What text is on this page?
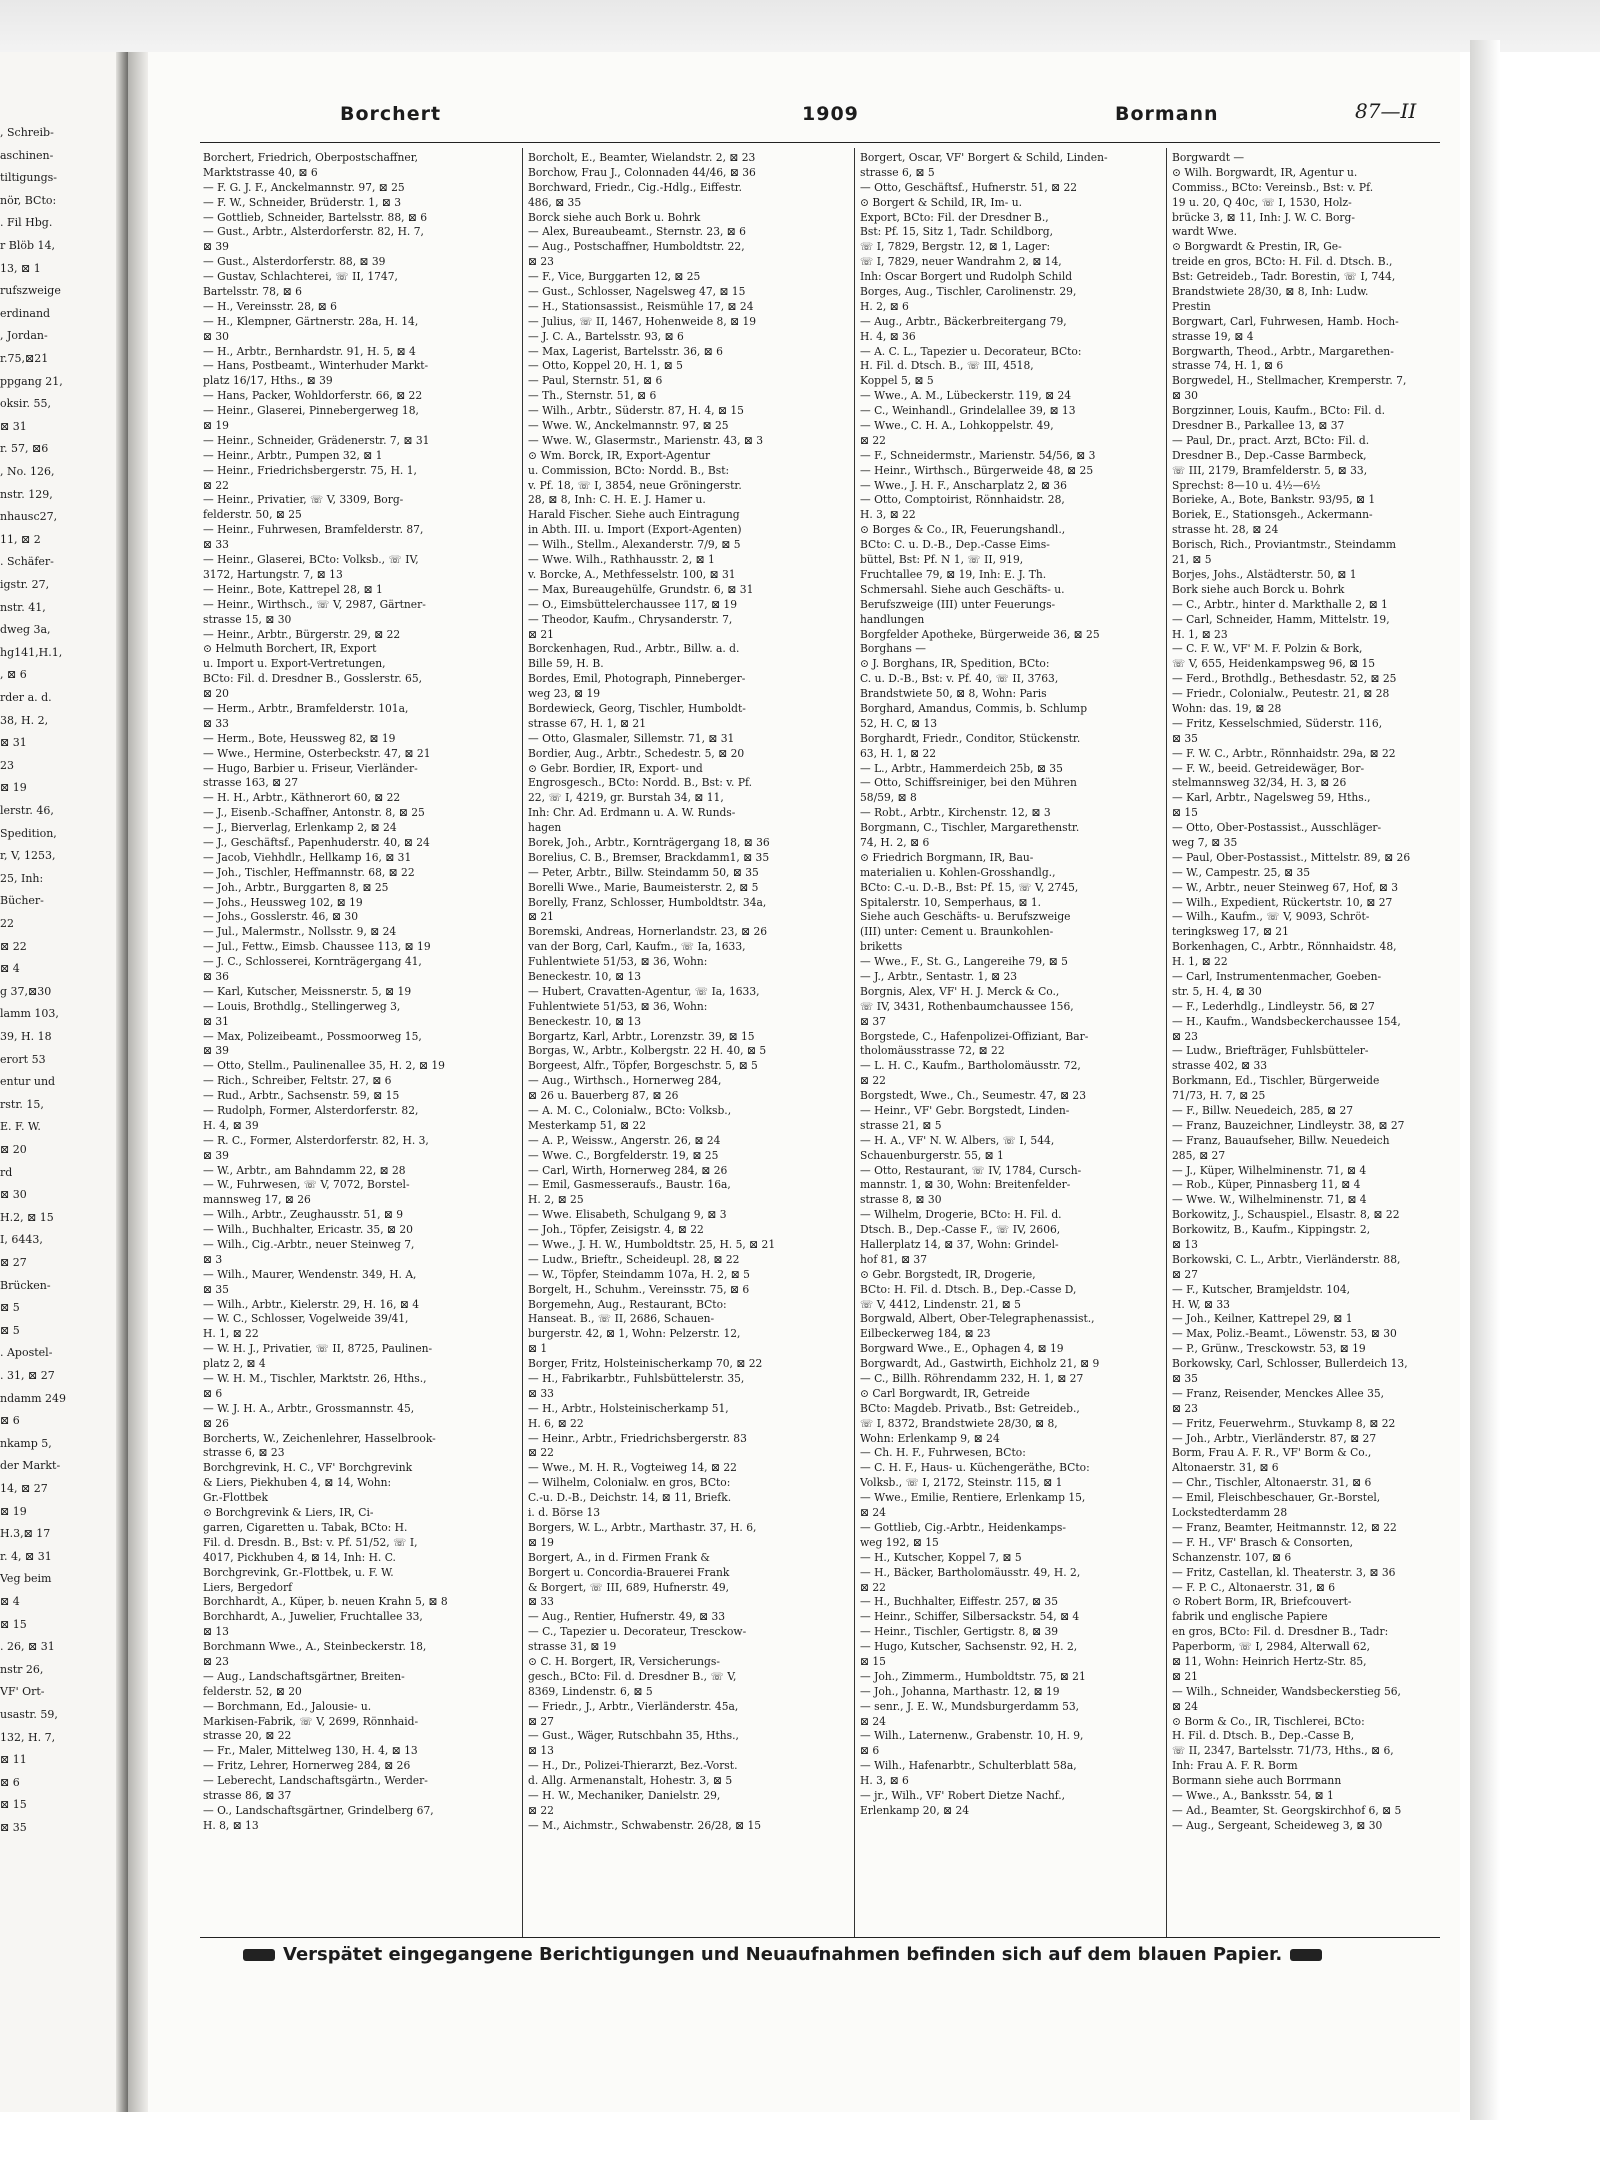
, Schreib-
aschinen-
tiltigungs-
nör, BCto:
. Fil Hbg.
r Blöb 14,
13, ⊠ 1
rufszweige
erdinand
, Jordan-
r.75,⊠21
ppgang 21,
oksir. 55,
⊠ 31
r. 57, ⊠6
, No. 126,
nstr. 129,
nhausc27,
11, ⊠ 2
. Schäfer-
igstr. 27,
nstr. 41,
dweg 3a,
hg141,H.1,
, ⊠ 6
rder a. d.
38, H. 2,
⊠ 31
23
⊠ 19
lerstr. 46,
Spedition,
r, V, 1253,
25, Inh:
Bücher-
22
⊠ 22
⊠ 4
g 37,⊠30
lamm 103,
39, H. 18
erort 53
entur und
rstr. 15,
E. F. W.
⊠ 20
rd
⊠ 30
H.2, ⊠ 15
I, 6443,
⊠ 27
Brücken-
⊠ 5
⊠ 5
. Apostel-
. 31, ⊠ 27
ndamm 249
⊠ 6
nkamp 5,
der Markt-
14, ⊠ 27
⊠ 19
H.3,⊠ 17
r. 4, ⊠ 31
Veg beim
⊠ 4
⊠ 15
. 26, ⊠ 31
nstr 26,
VF' Ort-
usastr. 59,
132, H. 7,
⊠ 11
⊠ 6
⊠ 15
⊠ 35
Borchert	1909	Bormann	87—II

Borchert, Friedrich, Oberpostschaffner,

Marktstrasse 40, ⊠ 6

— F. G. J. F., Anckelmannstr. 97, ⊠ 25

— F. W., Schneider, Brüderstr. 1, ⊠ 3

— Gottlieb, Schneider, Bartelsstr. 88, ⊠ 6

— Gust., Arbtr., Alsterdorferstr. 82, H. 7,

⊠ 39

— Gust., Alsterdorferstr. 88, ⊠ 39

— Gustav, Schlachterei, ☏ II, 1747,

Bartelsstr. 78, ⊠ 6

— H., Vereinsstr. 28, ⊠ 6

— H., Klempner, Gärtnerstr. 28a, H. 14,

⊠ 30

— H., Arbtr., Bernhardstr. 91, H. 5, ⊠ 4

— Hans, Postbeamt., Winterhuder Markt-

platz 16/17, Hths., ⊠ 39

— Hans, Packer, Wohldorferstr. 66, ⊠ 22

— Heinr., Glaserei, Pinnebergerweg 18,

⊠ 19

— Heinr., Schneider, Grädenerstr. 7, ⊠ 31

— Heinr., Arbtr., Pumpen 32, ⊠ 1

— Heinr., Friedrichsbergerstr. 75, H. 1,

⊠ 22

— Heinr., Privatier, ☏ V, 3309, Borg-

felderstr. 50, ⊠ 25

— Heinr., Fuhrwesen, Bramfelderstr. 87,

⊠ 33

— Heinr., Glaserei, BCto: Volksb., ☏ IV,

3172, Hartungstr. 7, ⊠ 13

— Heinr., Bote, Kattrepel 28, ⊠ 1

— Heinr., Wirthsch., ☏ V, 2987, Gärtner-

strasse 15, ⊠ 30

— Heinr., Arbtr., Bürgerstr. 29, ⊠ 22

⊙ Helmuth Borchert, IR, Export

u. Import u. Export-Vertretungen,

BCto: Fil. d. Dresdner B., Gosslerstr. 65,

⊠ 20

— Herm., Arbtr., Bramfelderstr. 101a,

⊠ 33

— Herm., Bote, Heussweg 82, ⊠ 19

— Wwe., Hermine, Osterbeckstr. 47, ⊠ 21

— Hugo, Barbier u. Friseur, Vierländer-

strasse 163, ⊠ 27

— H. H., Arbtr., Käthnerort 60, ⊠ 22

— J., Eisenb.-Schaffner, Antonstr. 8, ⊠ 25

— J., Bierverlag, Erlenkamp 2, ⊠ 24

— J., Geschäftsf., Papenhuderstr. 40, ⊠ 24

— Jacob, Viehhdlr., Hellkamp 16, ⊠ 31

— Joh., Tischler, Heffmannstr. 68, ⊠ 22

— Joh., Arbtr., Burggarten 8, ⊠ 25

— Johs., Heussweg 102, ⊠ 19

— Johs., Gosslerstr. 46, ⊠ 30

— Jul., Malermstr., Nollsstr. 9, ⊠ 24

— Jul., Fettw., Eimsb. Chaussee 113, ⊠ 19

— J. C., Schlosserei, Kornträgergang 41,

⊠ 36

— Karl, Kutscher, Meissnerstr. 5, ⊠ 19

— Louis, Brothdlg., Stellingerweg 3,

⊠ 31

— Max, Polizeibeamt., Possmoorweg 15,

⊠ 39

— Otto, Stellm., Paulinenallee 35, H. 2, ⊠ 19

— Rich., Schreiber, Feltstr. 27, ⊠ 6

— Rud., Arbtr., Sachsenstr. 59, ⊠ 15

— Rudolph, Former, Alsterdorferstr. 82,

H. 4, ⊠ 39

— R. C., Former, Alsterdorferstr. 82, H. 3,

⊠ 39

— W., Arbtr., am Bahndamm 22, ⊠ 28

— W., Fuhrwesen, ☏ V, 7072, Borstel-

mannsweg 17, ⊠ 26

— Wilh., Arbtr., Zeughausstr. 51, ⊠ 9

— Wilh., Buchhalter, Ericastr. 35, ⊠ 20

— Wilh., Cig.-Arbtr., neuer Steinweg 7,

⊠ 3

— Wilh., Maurer, Wendenstr. 349, H. A,

⊠ 35

— Wilh., Arbtr., Kielerstr. 29, H. 16, ⊠ 4

— W. C., Schlosser, Vogelweide 39/41,

H. 1, ⊠ 22

— W. H. J., Privatier, ☏ II, 8725, Paulinen-

platz 2, ⊠ 4

— W. H. M., Tischler, Marktstr. 26, Hths.,

⊠ 6

— W. J. H. A., Arbtr., Grossmannstr. 45,

⊠ 26

Borcherts, W., Zeichenlehrer, Hasselbrook-

strasse 6, ⊠ 23

Borchgrevink, H. C., VF' Borchgrevink

& Liers, Piekhuben 4, ⊠ 14, Wohn:

Gr.-Flottbek

⊙ Borchgrevink & Liers, IR, Ci-

garren, Cigaretten u. Tabak, BCto: H.

Fil. d. Dresdn. B., Bst: v. Pf. 51/52, ☏ I,

4017, Pickhuben 4, ⊠ 14, Inh: H. C.

Borchgrevink, Gr.-Flottbek, u. F. W.

Liers, Bergedorf

Borchhardt, A., Küper, b. neuen Krahn 5, ⊠ 8

Borchhardt, A., Juwelier, Fruchtallee 33,

⊠ 13

Borchmann Wwe., A., Steinbeckerstr. 18,

⊠ 23

— Aug., Landschaftsgärtner, Breiten-

felderstr. 52, ⊠ 20

— Borchmann, Ed., Jalousie- u.

Markisen-Fabrik, ☏ V, 2699, Rönnhaid-

strasse 20, ⊠ 22

— Fr., Maler, Mittelweg 130, H. 4, ⊠ 13

— Fritz, Lehrer, Hornerweg 284, ⊠ 26

— Leberecht, Landschaftsgärtn., Werder-

strasse 86, ⊠ 37

— O., Landschaftsgärtner, Grindelberg 67,

H. 8, ⊠ 13

Borcholt, E., Beamter, Wielandstr. 2, ⊠ 23

Borchow, Frau J., Colonnaden 44/46, ⊠ 36

Borchward, Friedr., Cig.-Hdlg., Eiffestr.

486, ⊠ 35

Borck siehe auch Bork u. Bohrk

— Alex, Bureaubeamt., Sternstr. 23, ⊠ 6

— Aug., Postschaffner, Humboldtstr. 22,

⊠ 23

— F., Vice, Burggarten 12, ⊠ 25

— Gust., Schlosser, Nagelsweg 47, ⊠ 15

— H., Stationsassist., Reismühle 17, ⊠ 24

— Julius, ☏ II, 1467, Hohenweide 8, ⊠ 19

— J. C. A., Bartelsstr. 93, ⊠ 6

— Max, Lagerist, Bartelsstr. 36, ⊠ 6

— Otto, Koppel 20, H. 1, ⊠ 5

— Paul, Sternstr. 51, ⊠ 6

— Th., Sternstr. 51, ⊠ 6

— Wilh., Arbtr., Süderstr. 87, H. 4, ⊠ 15

— Wwe. W., Anckelmannstr. 97, ⊠ 25

— Wwe. W., Glasermstr., Marienstr. 43, ⊠ 3

⊙ Wm. Borck, IR, Export-Agentur

u. Commission, BCto: Nordd. B., Bst:

v. Pf. 18, ☏ I, 3854, neue Gröningerstr.

28, ⊠ 8, Inh: C. H. E. J. Hamer u.

Harald Fischer. Siehe auch Eintragung

in Abth. III. u. Import (Export-Agenten)

— Wilh., Stellm., Alexanderstr. 7/9, ⊠ 5

— Wwe. Wilh., Rathhausstr. 2, ⊠ 1

v. Borcke, A., Methfesselstr. 100, ⊠ 31

— Max, Bureaugehülfe, Grundstr. 6, ⊠ 31

— O., Eimsbüttelerchaussee 117, ⊠ 19

— Theodor, Kaufm., Chrysanderstr. 7,

⊠ 21

Borckenhagen, Rud., Arbtr., Billw. a. d.

Bille 59, H. B.

Bordes, Emil, Photograph, Pinneberger-

weg 23, ⊠ 19

Bordewieck, Georg, Tischler, Humboldt-

strasse 67, H. 1, ⊠ 21

— Otto, Glasmaler, Sillemstr. 71, ⊠ 31

Bordier, Aug., Arbtr., Schedestr. 5, ⊠ 20

⊙ Gebr. Bordier, IR, Export- und

Engrosgesch., BCto: Nordd. B., Bst: v. Pf.

22, ☏ I, 4219, gr. Burstah 34, ⊠ 11,

Inh: Chr. Ad. Erdmann u. A. W. Runds-

hagen

Borek, Joh., Arbtr., Kornträgergang 18, ⊠ 36

Borelius, C. B., Bremser, Brackdamm1, ⊠ 35

— Peter, Arbtr., Billw. Steindamm 50, ⊠ 35

Borelli Wwe., Marie, Baumeisterstr. 2, ⊠ 5

Borelly, Franz, Schlosser, Humboldtstr. 34a,

⊠ 21

Boremski, Andreas, Hornerlandstr. 23, ⊠ 26

van der Borg, Carl, Kaufm., ☏ Ia, 1633,

Fuhlentwiete 51/53, ⊠ 36, Wohn:

Beneckestr. 10, ⊠ 13

— Hubert, Cravatten-Agentur, ☏ Ia, 1633,

Fuhlentwiete 51/53, ⊠ 36, Wohn:

Beneckestr. 10, ⊠ 13

Borgartz, Karl, Arbtr., Lorenzstr. 39, ⊠ 15

Borgas, W., Arbtr., Kolbergstr. 22 H. 40, ⊠ 5

Borgeest, Alfr., Töpfer, Borgeschstr. 5, ⊠ 5

— Aug., Wirthsch., Hornerweg 284,

⊠ 26 u. Bauerberg 87, ⊠ 26

— A. M. C., Colonialw., BCto: Volksb.,

Mesterkamp 51, ⊠ 22

— A. P., Weissw., Angerstr. 26, ⊠ 24

— Wwe. C., Borgfelderstr. 19, ⊠ 25

— Carl, Wirth, Hornerweg 284, ⊠ 26

— Emil, Gasmesseraufs., Baustr. 16a,

H. 2, ⊠ 25

— Wwe. Elisabeth, Schulgang 9, ⊠ 3

— Joh., Töpfer, Zeisigstr. 4, ⊠ 22

— Wwe., J. H. W., Humboldtstr. 25, H. 5, ⊠ 21

— Ludw., Brieftr., Scheideupl. 28, ⊠ 22

— W., Töpfer, Steindamm 107a, H. 2, ⊠ 5

Borgelt, H., Schuhm., Vereinsstr. 75, ⊠ 6

Borgemehn, Aug., Restaurant, BCto:

Hanseat. B., ☏ II, 2686, Schauen-

burgerstr. 42, ⊠ 1, Wohn: Pelzerstr. 12,

⊠ 1

Borger, Fritz, Holsteinischerkamp 70, ⊠ 22

— H., Fabrikarbtr., Fuhlsbüttelerstr. 35,

⊠ 33

— H., Arbtr., Holsteinischerkamp 51,

H. 6, ⊠ 22

— Heinr., Arbtr., Friedrichsbergerstr. 83

⊠ 22

— Wwe., M. H. R., Vogteiweg 14, ⊠ 22

— Wilhelm, Colonialw. en gros, BCto:

C.-u. D.-B., Deichstr. 14, ⊠ 11, Briefk.

i. d. Börse 13

Borgers, W. L., Arbtr., Marthastr. 37, H. 6,

⊠ 19

Borgert, A., in d. Firmen Frank &

Borgert u. Concordia-Brauerei Frank

& Borgert, ☏ III, 689, Hufnerstr. 49,

⊠ 33

— Aug., Rentier, Hufnerstr. 49, ⊠ 33

— C., Tapezier u. Decorateur, Tresckow-

strasse 31, ⊠ 19

⊙ C. H. Borgert, IR, Versicherungs-

gesch., BCto: Fil. d. Dresdner B., ☏ V,

8369, Lindenstr. 6, ⊠ 5

— Friedr., J., Arbtr., Vierländerstr. 45a,

⊠ 27

— Gust., Wäger, Rutschbahn 35, Hths.,

⊠ 13

— H., Dr., Polizei-Thierarzt, Bez.-Vorst.

d. Allg. Armenanstalt, Hohestr. 3, ⊠ 5

— H. W., Mechaniker, Danielstr. 29,

⊠ 22

— M., Aichmstr., Schwabenstr. 26/28, ⊠ 15

Borgert, Oscar, VF' Borgert & Schild, Linden-

strasse 6, ⊠ 5

— Otto, Geschäftsf., Hufnerstr. 51, ⊠ 22

⊙ Borgert & Schild, IR, Im- u.

Export, BCto: Fil. der Dresdner B.,

Bst: Pf. 15, Sitz 1, Tadr. Schildborg,

☏ I, 7829, Bergstr. 12, ⊠ 1, Lager:

☏ I, 7829, neuer Wandrahm 2, ⊠ 14,

Inh: Oscar Borgert und Rudolph Schild

Borges, Aug., Tischler, Carolinenstr. 29,

H. 2, ⊠ 6

— Aug., Arbtr., Bäckerbreitergang 79,

H. 4, ⊠ 36

— A. C. L., Tapezier u. Decorateur, BCto:

H. Fil. d. Dtsch. B., ☏ III, 4518,

Koppel 5, ⊠ 5

— Wwe., A. M., Lübeckerstr. 119, ⊠ 24

— C., Weinhandl., Grindelallee 39, ⊠ 13

— Wwe., C. H. A., Lohkoppelstr. 49,

⊠ 22

— F., Schneidermstr., Marienstr. 54/56, ⊠ 3

— Heinr., Wirthsch., Bürgerweide 48, ⊠ 25

— Wwe., J. H. F., Anscharplatz 2, ⊠ 36

— Otto, Comptoirist, Rönnhaidstr. 28,

H. 3, ⊠ 22

⊙ Borges & Co., IR, Feuerungshandl.,

BCto: C. u. D.-B., Dep.-Casse Eims-

büttel, Bst: Pf. N 1, ☏ II, 919,

Fruchtallee 79, ⊠ 19, Inh: E. J. Th.

Schmersahl. Siehe auch Geschäfts- u.

Berufszweige (III) unter Feuerungs-

handlungen

Borgfelder Apotheke, Bürgerweide 36, ⊠ 25

Borghans —

⊙ J. Borghans, IR, Spedition, BCto:

C. u. D.-B., Bst: v. Pf. 40, ☏ II, 3763,

Brandstwiete 50, ⊠ 8, Wohn: Paris

Borghard, Amandus, Commis, b. Schlump

52, H. C, ⊠ 13

Borghardt, Friedr., Conditor, Stückenstr.

63, H. 1, ⊠ 22

— L., Arbtr., Hammerdeich 25b, ⊠ 35

— Otto, Schiffsreiniger, bei den Mühren

58/59, ⊠ 8

— Robt., Arbtr., Kirchenstr. 12, ⊠ 3

Borgmann, C., Tischler, Margarethenstr.

74, H. 2, ⊠ 6

⊙ Friedrich Borgmann, IR, Bau-

materialien u. Kohlen-Grosshandlg.,

BCto: C.-u. D.-B., Bst: Pf. 15, ☏ V, 2745,

Spitalerstr. 10, Semperhaus, ⊠ 1.

Siehe auch Geschäfts- u. Berufszweige

(III) unter: Cement u. Braunkohlen-

briketts

— Wwe., F., St. G., Langereihe 79, ⊠ 5

— J., Arbtr., Sentastr. 1, ⊠ 23

Borgnis, Alex, VF' H. J. Merck & Co.,

☏ IV, 3431, Rothenbaumchaussee 156,

⊠ 37

Borgstede, C., Hafenpolizei-Offiziant, Bar-

tholomäusstrasse 72, ⊠ 22

— L. H. C., Kaufm., Bartholomäusstr. 72,

⊠ 22

Borgstedt, Wwe., Ch., Seumestr. 47, ⊠ 23

— Heinr., VF' Gebr. Borgstedt, Linden-

strasse 21, ⊠ 5

— H. A., VF' N. W. Albers, ☏ I, 544,

Schauenburgerstr. 55, ⊠ 1

— Otto, Restaurant, ☏ IV, 1784, Cursch-

mannstr. 1, ⊠ 30, Wohn: Breitenfelder-

strasse 8, ⊠ 30

— Wilhelm, Drogerie, BCto: H. Fil. d.

Dtsch. B., Dep.-Casse F., ☏ IV, 2606,

Hallerplatz 14, ⊠ 37, Wohn: Grindel-

hof 81, ⊠ 37

⊙ Gebr. Borgstedt, IR, Drogerie,

BCto: H. Fil. d. Dtsch. B., Dep.-Casse D,

☏ V, 4412, Lindenstr. 21, ⊠ 5

Borgwald, Albert, Ober-Telegraphenassist.,

Eilbeckerweg 184, ⊠ 23

Borgward Wwe., E., Ophagen 4, ⊠ 19

Borgwardt, Ad., Gastwirth, Eichholz 21, ⊠ 9

— C., Billh. Röhrendamm 232, H. 1, ⊠ 27

⊙ Carl Borgwardt, IR, Getreide

BCto: Magdeb. Privatb., Bst: Getreideb.,

☏ I, 8372, Brandstwiete 28/30, ⊠ 8,

Wohn: Erlenkamp 9, ⊠ 24

— Ch. H. F., Fuhrwesen, BCto:

— C. H. F., Haus- u. Küchengeräthe, BCto:

Volksb., ☏ I, 2172, Steinstr. 115, ⊠ 1

— Wwe., Emilie, Rentiere, Erlenkamp 15,

⊠ 24

— Gottlieb, Cig.-Arbtr., Heidenkamps-

weg 192, ⊠ 15

— H., Kutscher, Koppel 7, ⊠ 5

— H., Bäcker, Bartholomäusstr. 49, H. 2,

⊠ 22

— H., Buchhalter, Eiffestr. 257, ⊠ 35

— Heinr., Schiffer, Silbersackstr. 54, ⊠ 4

— Heinr., Tischler, Gertigstr. 8, ⊠ 39

— Hugo, Kutscher, Sachsenstr. 92, H. 2,

⊠ 15

— Joh., Zimmerm., Humboldtstr. 75, ⊠ 21

— Joh., Johanna, Marthastr. 12, ⊠ 19

— senr., J. E. W., Mundsburgerdamm 53,

⊠ 24

— Wilh., Laternenw., Grabenstr. 10, H. 9,

⊠ 6

— Wilh., Hafenarbtr., Schulterblatt 58a,

H. 3, ⊠ 6

— jr., Wilh., VF' Robert Dietze Nachf.,

Erlenkamp 20, ⊠ 24

Borgwardt —

⊙ Wilh. Borgwardt, IR, Agentur u.

Commiss., BCto: Vereinsb., Bst: v. Pf.

19 u. 20, Q 40c, ☏ I, 1530, Holz-

brücke 3, ⊠ 11, Inh: J. W. C. Borg-

wardt Wwe.

⊙ Borgwardt & Prestin, IR, Ge-

treide en gros, BCto: H. Fil. d. Dtsch. B.,

Bst: Getreideb., Tadr. Borestin, ☏ I, 744,

Brandstwiete 28/30, ⊠ 8, Inh: Ludw.

Prestin

Borgwart, Carl, Fuhrwesen, Hamb. Hoch-

strasse 19, ⊠ 4

Borgwarth, Theod., Arbtr., Margarethen-

strasse 74, H. 1, ⊠ 6

Borgwedel, H., Stellmacher, Kremperstr. 7,

⊠ 30

Borgzinner, Louis, Kaufm., BCto: Fil. d.

Dresdner B., Parkallee 13, ⊠ 37

— Paul, Dr., pract. Arzt, BCto: Fil. d.

Dresdner B., Dep.-Casse Barmbeck,

☏ III, 2179, Bramfelderstr. 5, ⊠ 33,

Sprechst: 8—10 u. 4½—6½

Borieke, A., Bote, Bankstr. 93/95, ⊠ 1

Boriek, E., Stationsgeh., Ackermann-

strasse ht. 28, ⊠ 24

Borisch, Rich., Proviantmstr., Steindamm

21, ⊠ 5

Borjes, Johs., Alstädterstr. 50, ⊠ 1

Bork siehe auch Borck u. Bohrk

— C., Arbtr., hinter d. Markthalle 2, ⊠ 1

— Carl, Schneider, Hamm, Mittelstr. 19,

H. 1, ⊠ 23

— C. F. W., VF' M. F. Polzin & Bork,

☏ V, 655, Heidenkampsweg 96, ⊠ 15

— Ferd., Brothdlg., Bethesdastr. 52, ⊠ 25

— Friedr., Colonialw., Peutestr. 21, ⊠ 28

Wohn: das. 19, ⊠ 28

— Fritz, Kesselschmied, Süderstr. 116,

⊠ 35

— F. W. C., Arbtr., Rönnhaidstr. 29a, ⊠ 22

— F. W., beeid. Getreidewäger, Bor-

stelmannsweg 32/34, H. 3, ⊠ 26

— Karl, Arbtr., Nagelsweg 59, Hths.,

⊠ 15

— Otto, Ober-Postassist., Ausschläger-

weg 7, ⊠ 35

— Paul, Ober-Postassist., Mittelstr. 89, ⊠ 26

— W., Campestr. 25, ⊠ 35

— W., Arbtr., neuer Steinweg 67, Hof, ⊠ 3

— Wilh., Expedient, Rückertstr. 10, ⊠ 27

— Wilh., Kaufm., ☏ V, 9093, Schröt-

teringksweg 17, ⊠ 21

Borkenhagen, C., Arbtr., Rönnhaidstr. 48,

H. 1, ⊠ 22

— Carl, Instrumentenmacher, Goeben-

str. 5, H. 4, ⊠ 30

— F., Lederhdlg., Lindleystr. 56, ⊠ 27

— H., Kaufm., Wandsbeckerchaussee 154,

⊠ 23

— Ludw., Briefträger, Fuhlsbütteler-

strasse 402, ⊠ 33

Borkmann, Ed., Tischler, Bürgerweide

71/73, H. 7, ⊠ 25

— F., Billw. Neuedeich, 285, ⊠ 27

— Franz, Bauzeichner, Lindleystr. 38, ⊠ 27

— Franz, Bauaufseher, Billw. Neuedeich

285, ⊠ 27

— J., Küper, Wilhelminenstr. 71, ⊠ 4

— Rob., Küper, Pinnasberg 11, ⊠ 4

— Wwe. W., Wilhelminenstr. 71, ⊠ 4

Borkowitz, J., Schauspiel., Elsastr. 8, ⊠ 22

Borkowitz, B., Kaufm., Kippingstr. 2,

⊠ 13

Borkowski, C. L., Arbtr., Vierländerstr. 88,

⊠ 27

— F., Kutscher, Bramjeldstr. 104,

H. W, ⊠ 33

— Joh., Keilner, Kattrepel 29, ⊠ 1

— Max, Poliz.-Beamt., Löwenstr. 53, ⊠ 30

— P., Grünw., Tresckowstr. 53, ⊠ 19

Borkowsky, Carl, Schlosser, Bullerdeich 13,

⊠ 35

— Franz, Reisender, Menckes Allee 35,

⊠ 23

— Fritz, Feuerwehrm., Stuvkamp 8, ⊠ 22

— Joh., Arbtr., Vierländerstr. 87, ⊠ 27

Borm, Frau A. F. R., VF' Borm & Co.,

Altonaerstr. 31, ⊠ 6

— Chr., Tischler, Altonaerstr. 31, ⊠ 6

— Emil, Fleischbeschauer, Gr.-Borstel,

Lockstedterdamm 28

— Franz, Beamter, Heitmannstr. 12, ⊠ 22

— F. H., VF' Brasch & Consorten,

Schanzenstr. 107, ⊠ 6

— Fritz, Castellan, kl. Theaterstr. 3, ⊠ 36

— F. P. C., Altonaerstr. 31, ⊠ 6

⊙ Robert Borm, IR, Briefcouvert-

fabrik und englische Papiere

en gros, BCto: Fil. d. Dresdner B., Tadr:

Paperborm, ☏ I, 2984, Alterwall 62,

⊠ 11, Wohn: Heinrich Hertz-Str. 85,

⊠ 21

— Wilh., Schneider, Wandsbeckerstieg 56,

⊠ 24

⊙ Borm & Co., IR, Tischlerei, BCto:

H. Fil. d. Dtsch. B., Dep.-Casse B,

☏ II, 2347, Bartelsstr. 71/73, Hths., ⊠ 6,

Inh: Frau A. F. R. Borm

Bormann siehe auch Borrmann

— Wwe., A., Banksstr. 54, ⊠ 1

— Ad., Beamter, St. Georgskirchhof 6, ⊠ 5

— Aug., Sergeant, Scheideweg 3, ⊠ 30

Verspätet eingegangene Berichtigungen und Neuaufnahmen befinden sich auf dem blauen Papier.
